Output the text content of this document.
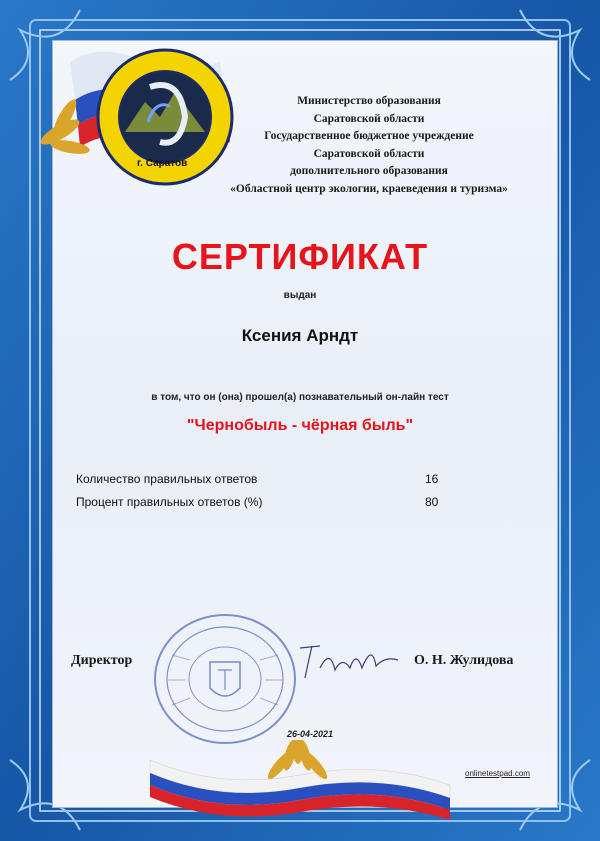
г. Саратов
Министерство образования
Саратовской области
Государственное бюджетное учреждение
Саратовской области
дополнительного образования
«Областной центр экологии, краеведения и туризма»
СЕРТИФИКАТ
выдан
Ксения Арндт
в том, что он (она) прошел(а) познавательный он-лайн тест
"Чернобыль - чёрная быль"
Количество правильных ответов	16
Процент правильных ответов (%)	80
Директор	О. Н. Жулидова
26-04-2021
onlinetestpad.com
